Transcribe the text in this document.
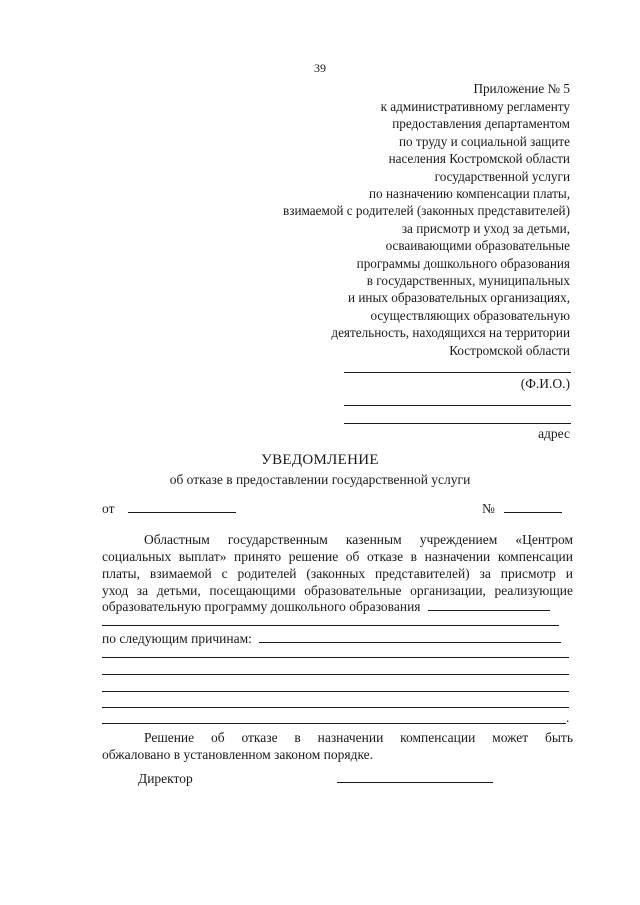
39
Приложение № 5
к административному регламенту
предоставления департаментом
по труду и социальной защите
населения Костромской области
государственной услуги
по назначению компенсации платы,
взимаемой с родителей (законных представителей)
за присмотр и уход за детьми,
осваивающими образовательные
программы дошкольного образования
в государственных, муниципальных
и иных образовательных организациях,
осуществляющих образовательную
деятельность, находящихся на территории
Костромской области
(Ф.И.О.)
адрес
УВЕДОМЛЕНИЕ
об отказе в предоставлении государственной услуги
от	№
Областным государственным казенным учреждением «Центром
социальных выплат» принято решение об отказе в назначении компенсации
платы, взимаемой с родителей (законных представителей) за присмотр и
уход за детьми, посещающими образовательные организации, реализующие
образовательную программу дошкольного образования
по следующим причинам:
.
Решение об отказе в назначении компенсации может быть
обжаловано в установленном законом порядке.
Директор
